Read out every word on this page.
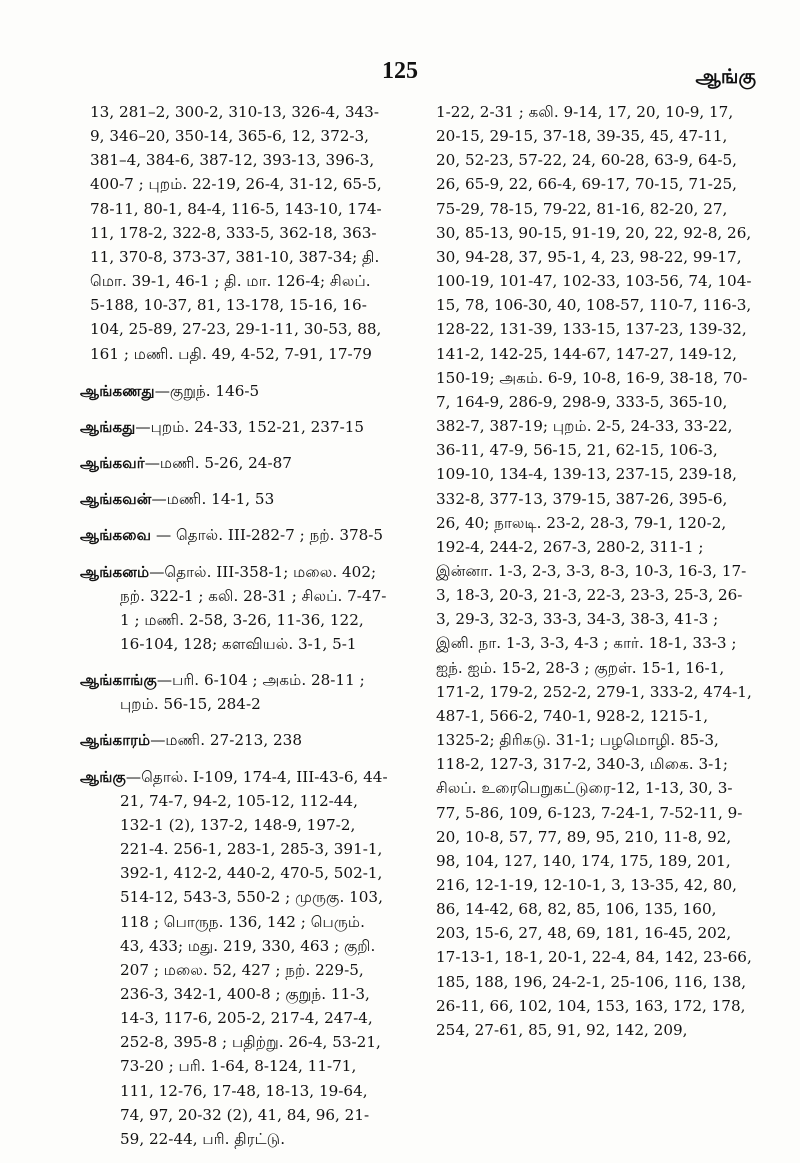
125	ஆங்கு
13, 281–2, 300-2, 310-13, 326-4, 343-9, 346–20, 350-14, 365-6, 12, 372-3, 381–4, 384-6, 387-12, 393-13, 396-3, 400-7 ; புறம். 22-19, 26-4, 31-12, 65-5, 78-11, 80-1, 84-4, 116-5, 143-10, 174-11, 178-2, 322-8, 333-5, 362-18, 363-11, 370-8, 373-37, 381-10, 387-34; தி. மொ. 39-1, 46-1 ; தி. மா. 126-4; சிலப். 5-188, 10-37, 81, 13-178, 15-16, 16-104, 25-89, 27-23, 29-1-11, 30-53, 88, 161 ; மணி. பதி. 49, 4-52, 7-91, 17-79
ஆங்கணது—குறுந். 146-5
ஆங்கது—புறம். 24-33, 152-21, 237-15
ஆங்கவர்—மணி. 5-26, 24-87
ஆங்கவன்—மணி. 14-1, 53
ஆங்கவை — தொல். III-282-7 ; நற். 378-5
ஆங்கனம்—தொல். III-358-1; மலை. 402; நற். 322-1 ; கலி. 28-31 ; சிலப். 7-47-1 ; மணி. 2-58, 3-26, 11-36, 122, 16-104, 128; களவியல். 3-1, 5-1
ஆங்காங்கு—பரி. 6-104 ; அகம். 28-11 ; புறம். 56-15, 284-2
ஆங்காரம்—மணி. 27-213, 238
ஆங்கு—தொல். I-109, 174-4, III-43-6, 44-21, 74-7, 94-2, 105-12, 112-44, 132-1 (2), 137-2, 148-9, 197-2, 221-4. 256-1, 283-1, 285-3, 391-1, 392-1, 412-2, 440-2, 470-5, 502-1, 514-12, 543-3, 550-2 ; முருகு. 103, 118 ; பொருந. 136, 142 ; பெரும். 43, 433; மது. 219, 330, 463 ; குறி. 207 ; மலை. 52, 427 ; நற். 229-5, 236-3, 342-1, 400-8 ; குறுந். 11-3, 14-3, 117-6, 205-2, 217-4, 247-4, 252-8, 395-8 ; பதிற்று. 26-4, 53-21, 73-20 ; பரி. 1-64, 8-124, 11-71, 111, 12-76, 17-48, 18-13, 19-64, 74, 97, 20-32 (2), 41, 84, 96, 21-59, 22-44, பரி. திரட்டு.
1-22, 2-31 ; கலி. 9-14, 17, 20, 10-9, 17, 20-15, 29-15, 37-18, 39-35, 45, 47-11, 20, 52-23, 57-22, 24, 60-28, 63-9, 64-5, 26, 65-9, 22, 66-4, 69-17, 70-15, 71-25, 75-29, 78-15, 79-22, 81-16, 82-20, 27, 30, 85-13, 90-15, 91-19, 20, 22, 92-8, 26, 30, 94-28, 37, 95-1, 4, 23, 98-22, 99-17, 100-19, 101-47, 102-33, 103-56, 74, 104-15, 78, 106-30, 40, 108-57, 110-7, 116-3, 128-22, 131-39, 133-15, 137-23, 139-32, 141-2, 142-25, 144-67, 147-27, 149-12, 150-19; அகம். 6-9, 10-8, 16-9, 38-18, 70-7, 164-9, 286-9, 298-9, 333-5, 365-10, 382-7, 387-19; புறம். 2-5, 24-33, 33-22, 36-11, 47-9, 56-15, 21, 62-15, 106-3, 109-10, 134-4, 139-13, 237-15, 239-18, 332-8, 377-13, 379-15, 387-26, 395-6, 26, 40; நாலடி. 23-2, 28-3, 79-1, 120-2, 192-4, 244-2, 267-3, 280-2, 311-1 ; இன்னா. 1-3, 2-3, 3-3, 8-3, 10-3, 16-3, 17-3, 18-3, 20-3, 21-3, 22-3, 23-3, 25-3, 26-3, 29-3, 32-3, 33-3, 34-3, 38-3, 41-3 ; இனி. நா. 1-3, 3-3, 4-3 ; கார். 18-1, 33-3 ; ஐந். ஐம். 15-2, 28-3 ; குறள். 15-1, 16-1, 171-2, 179-2, 252-2, 279-1, 333-2, 474-1, 487-1, 566-2, 740-1, 928-2, 1215-1, 1325-2; திரிகடு. 31-1; பழமொழி. 85-3, 118-2, 127-3, 317-2, 340-3, மிகை. 3-1; சிலப். உரைபெறுகட்டுரை-12, 1-13, 30, 3-77, 5-86, 109, 6-123, 7-24-1, 7-52-11, 9-20, 10-8, 57, 77, 89, 95, 210, 11-8, 92, 98, 104, 127, 140, 174, 175, 189, 201, 216, 12-1-19, 12-10-1, 3, 13-35, 42, 80, 86, 14-42, 68, 82, 85, 106, 135, 160, 203, 15-6, 27, 48, 69, 181, 16-45, 202, 17-13-1, 18-1, 20-1, 22-4, 84, 142, 23-66, 185, 188, 196, 24-2-1, 25-106, 116, 138, 26-11, 66, 102, 104, 153, 163, 172, 178, 254, 27-61, 85, 91, 92, 142, 209,
